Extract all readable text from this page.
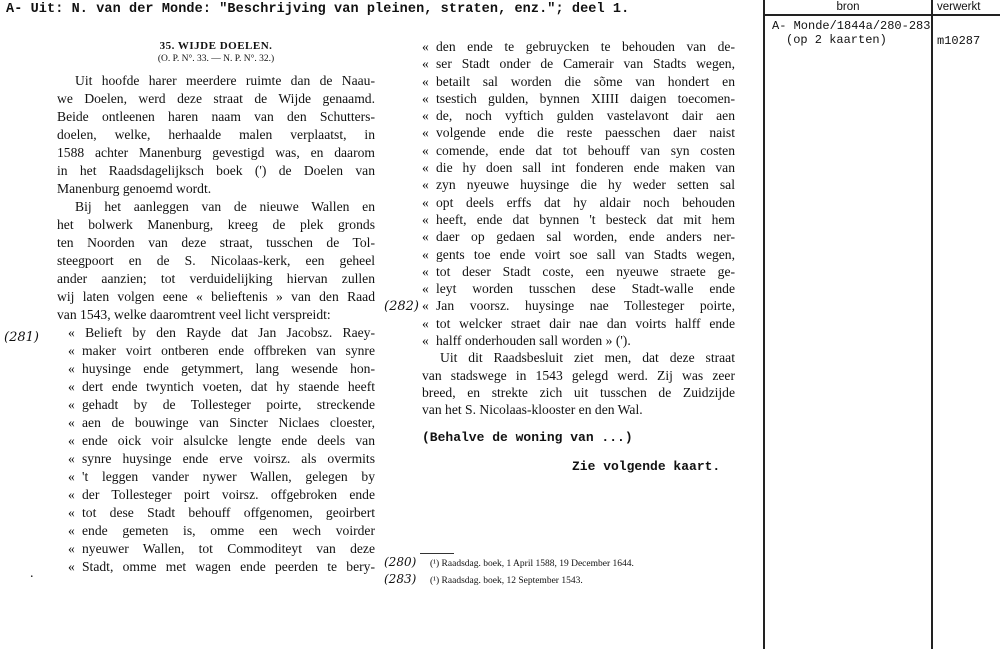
A- Uit: N. van der Monde: "Beschrijving van pleinen, straten, enz."; deel 1.	bron	verwerkt
A- Monde/1844a/280-283
(op 2 kaarten)	m10287
35. WIJDE DOELEN.
(O. P. N°. 33. — N. P. N°. 32.)
Uit hoofde harer meerdere ruimte dan de Naau-
we Doelen, werd deze straat de Wijde genaamd.
Beide ontleenen haren naam van den Schutters-
doelen, welke, herhaalde malen verplaatst, in
1588 achter Manenburg gevestigd was, en daarom
in het Raadsdagelijksch boek (') de Doelen van
Manenburg genoemd wordt.
Bij het aanleggen van de nieuwe Wallen en
het bolwerk Manenburg, kreeg de plek gronds
ten Noorden van deze straat, tusschen de Tol-
steegpoort en de S. Nicolaas-kerk, een geheel
ander aanzien; tot verduidelijking hiervan zullen
wij laten volgen eene « belieftenis » van den Raad
van 1543, welke daaromtrent veel licht verspreidt:
« Belieft by den Rayde dat Jan Jacobsz. Raey-
« maker voirt ontberen ende offbreken van synre
« huysinge ende getymmert, lang wesende hon-
« dert ende twyntich voeten, dat hy staende heeft
« gehadt by de Tollesteger poirte, streckende
« aen de bouwinge van Sincter Niclaes cloester,
« ende oick voir alsulcke lengte ende deels van
« synre huysinge ende erve voirsz. als overmits
« 't leggen vander nywer Wallen, gelegen by
« der Tollesteger poirt voirsz. offgebroken ende
« tot dese Stadt behouff offgenomen, geoirbert
« ende gemeten is, omme een wech voirder
« nyeuwer Wallen, tot Commoditeyt van deze
« Stadt, omme met wagen ende peerden te bery-
« den ende te gebruycken te behouden van de-
« ser Stadt onder de Camerair van Stadts wegen,
« betailt sal worden die sõme van hondert en
« tsestich gulden, bynnen XIIII daigen toecomen-
« de, noch vyftich gulden vastelavont dair aen
« volgende ende die reste paesschen daer naist
« comende, ende dat tot behouff van syn costen
« die hy doen sall int fonderen ende maken van
« zyn nyeuwe huysinge die hy weder setten sal
« opt deels erffs dat hy aldair noch behouden
« heeft, ende dat bynnen 't besteck dat mit hem
« daer op gedaen sal worden, ende anders ner-
« gents toe ende voirt soe sall van Stadts wegen,
« tot deser Stadt coste, een nyeuwe straete ge-
« leyt worden tusschen dese Stadt-walle ende
« Jan voorsz. huysinge nae Tollesteger poirte,
« tot welcker straet dair nae dan voirts halff ende
« halff onderhouden sall worden » (').
Uit dit Raadsbesluit ziet men, dat deze straat
van stadswege in 1543 gelegd werd. Zij was zeer
breed, en strekte zich uit tusschen de Zuidzijde
van het S. Nicolaas-klooster en den Wal.
(Behalve de woning van ...)
Zie volgende kaart.
(¹) Raadsdag. boek, 1 April 1588, 19 December 1644.
(¹) Raadsdag. boek, 12 September 1543.
(281)
(282)
(280)
(283)
.
